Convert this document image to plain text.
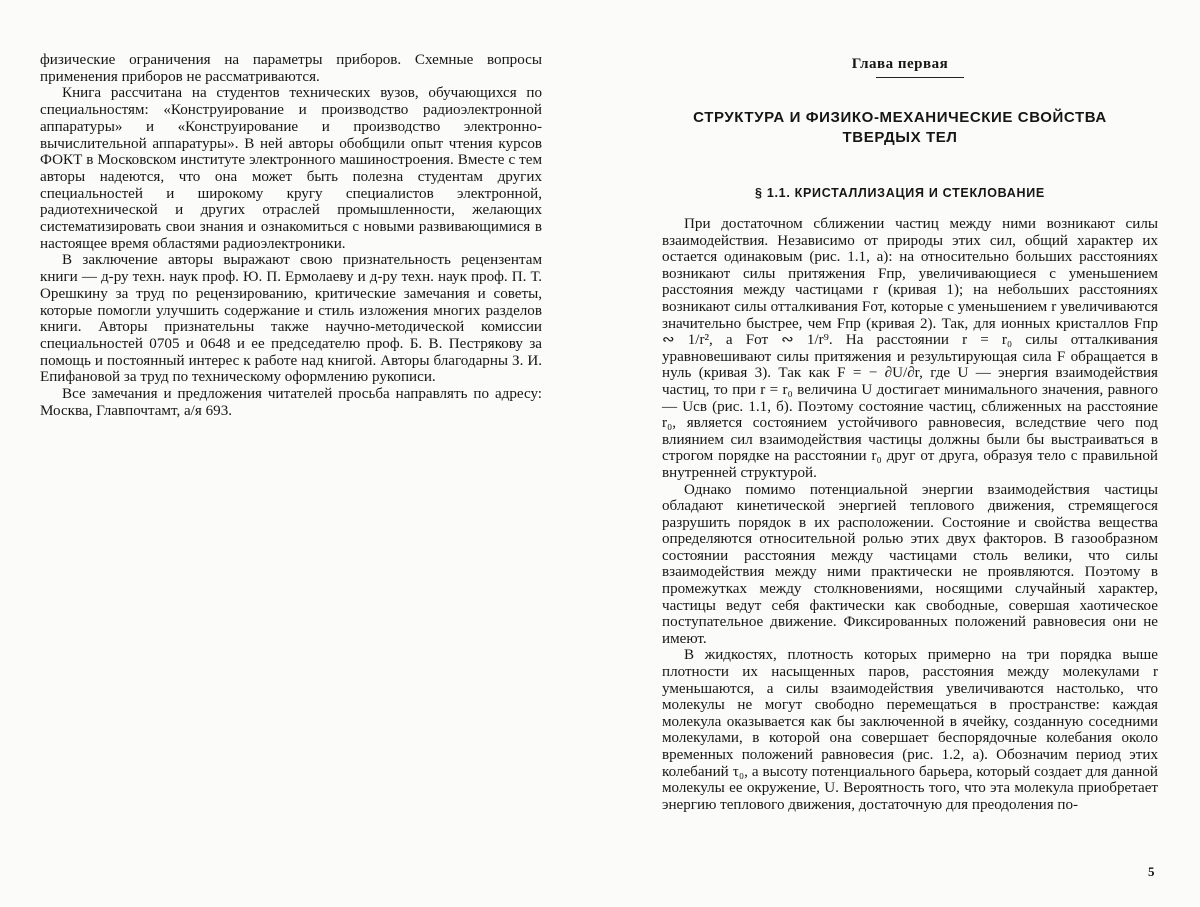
физические ограничения на параметры приборов. Схемные вопросы применения приборов не рассматриваются.

Книга рассчитана на студентов технических вузов, обучающихся по специальностям: «Конструирование и производство радиоэлектронной аппаратуры» и «Конструирование и производство электронно-вычислительной аппаратуры». В ней авторы обобщили опыт чтения курсов ФОКТ в Московском институте электронного машиностроения. Вместе с тем авторы надеются, что она может быть полезна студентам других специальностей и широкому кругу специалистов электронной, радиотехнической и других отраслей промышленности, желающих систематизировать свои знания и ознакомиться с новыми развивающимися в настоящее время областями радиоэлектроники.

В заключение авторы выражают свою признательность рецензентам книги — д-ру техн. наук проф. Ю. П. Ермолаеву и д-ру техн. наук проф. П. Т. Орешкину за труд по рецензированию, критические замечания и советы, которые помогли улучшить содержание и стиль изложения многих разделов книги. Авторы признательны также научно-методической комиссии специальностей 0705 и 0648 и ее председателю проф. Б. В. Пестрякову за помощь и постоянный интерес к работе над книгой. Авторы благодарны З. И. Епифановой за труд по техническому оформлению рукописи.

Все замечания и предложения читателей просьба направлять по адресу: Москва, Главпочтамт, а/я 693.

Глава первая
СТРУКТУРА И ФИЗИКО-МЕХАНИЧЕСКИЕ СВОЙСТВА
ТВЕРДЫХ ТЕЛ
§ 1.1. КРИСТАЛЛИЗАЦИЯ И СТЕКЛОВАНИЕ

При достаточном сближении частиц между ними возникают силы взаимодействия. Независимо от природы этих сил, общий характер их остается одинаковым (рис. 1.1, а): на относительно больших расстояниях возникают силы притяжения Fпр, увеличивающиеся с уменьшением расстояния между частицами r (кривая 1); на небольших расстояниях возникают силы отталкивания Fот, которые с уменьшением r увеличиваются значительно быстрее, чем Fпр (кривая 2). Так, для ионных кристаллов Fпр ∾ 1/r², а Fот ∾ 1/r⁹. На расстоянии r = r₀ силы отталкивания уравновешивают силы притяжения и результирующая сила F обращается в нуль (кривая 3). Так как F = − ∂U/∂r, где U — энергия взаимодействия частиц, то при r = r₀ величина U достигает минимального значения, равного — Uсв (рис. 1.1, б). Поэтому состояние частиц, сближенных на расстояние r₀, является состоянием устойчивого равновесия, вследствие чего под влиянием сил взаимодействия частицы должны были бы выстраиваться в строгом порядке на расстоянии r₀ друг от друга, образуя тело с правильной внутренней структурой.

Однако помимо потенциальной энергии взаимодействия частицы обладают кинетической энергией теплового движения, стремящегося разрушить порядок в их расположении. Состояние и свойства вещества определяются относительной ролью этих двух факторов. В газообразном состоянии расстояния между частицами столь велики, что силы взаимодействия между ними практически не проявляются. Поэтому в промежутках между столкновениями, носящими случайный характер, частицы ведут себя фактически как свободные, совершая хаотическое поступательное движение. Фиксированных положений равновесия они не имеют.

В жидкостях, плотность которых примерно на три порядка выше плотности их насыщенных паров, расстояния между молекулами r уменьшаются, а силы взаимодействия увеличиваются настолько, что молекулы не могут свободно перемещаться в пространстве: каждая молекула оказывается как бы заключенной в ячейку, созданную соседними молекулами, в которой она совершает беспорядочные колебания около временных положений равновесия (рис. 1.2, а). Обозначим период этих колебаний τ₀, а высоту потенциального барьера, который создает для данной молекулы ее окружение, U. Вероятность того, что эта молекула приобретает энергию теплового движения, достаточную для преодоления по-

5
